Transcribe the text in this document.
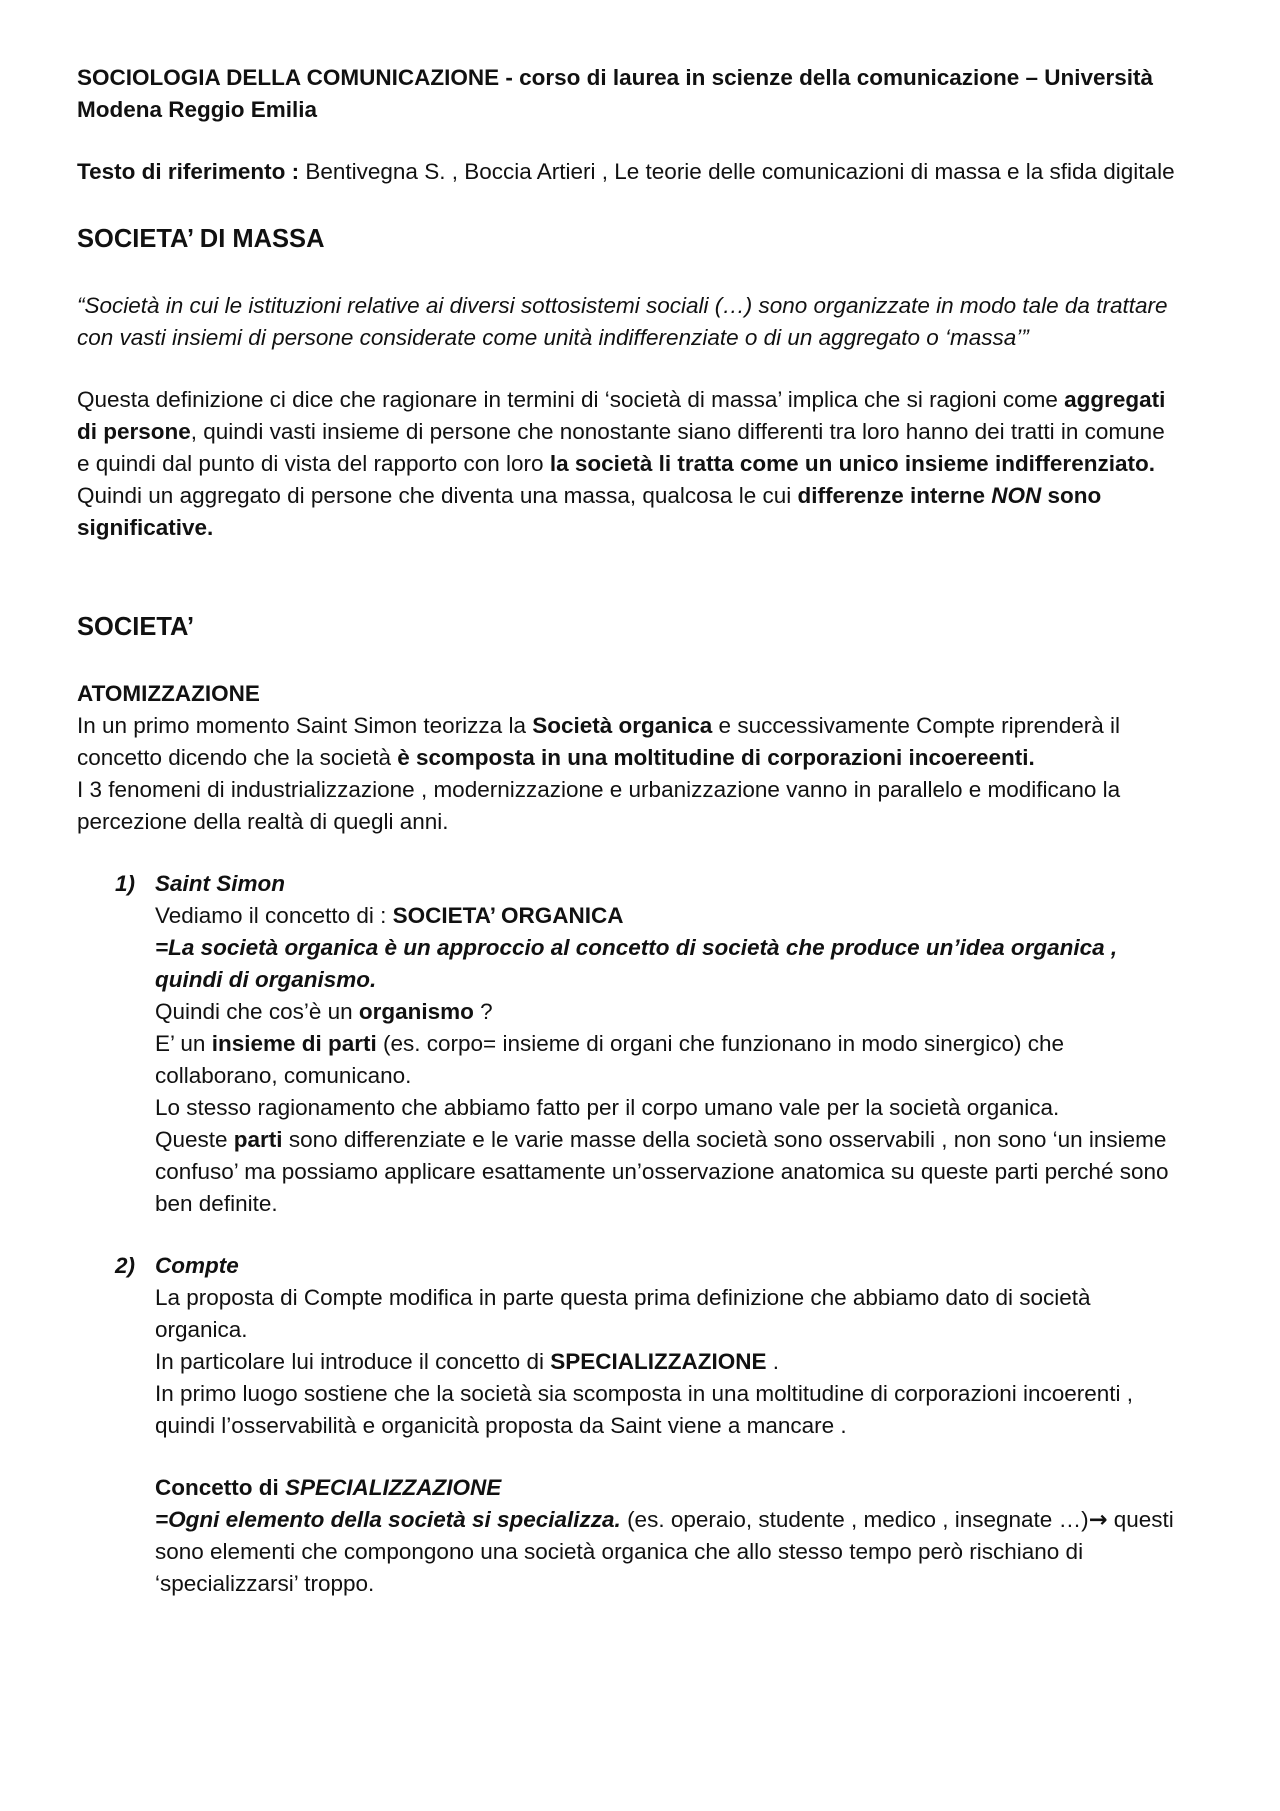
SOCIOLOGIA DELLA COMUNICAZIONE - corso di laurea in scienze della comunicazione – Università Modena Reggio Emilia

Testo di riferimento : Bentivegna S. , Boccia Artieri , Le teorie delle comunicazioni di massa e la sfida digitale

SOCIETA’ DI MASSA

“Società in cui le istituzioni relative ai diversi sottosistemi sociali (…) sono organizzate in modo tale da trattare con vasti insiemi di persone considerate come unità indifferenziate o di un aggregato o ‘massa’”

Questa definizione ci dice che ragionare in termini di ‘società di massa’ implica che si ragioni come aggregati di persone, quindi vasti insieme di persone che nonostante siano differenti tra loro hanno dei tratti in comune e quindi dal punto di vista del rapporto con loro la società li tratta come un unico insieme indifferenziato.

Quindi un aggregato di persone che diventa una massa, qualcosa le cui differenze interne NON sono significative.

SOCIETA’

ATOMIZZAZIONE

In un primo momento Saint Simon teorizza la Società organica e successivamente Compte riprenderà il concetto dicendo che la società è scomposta in una moltitudine di corporazioni incoereenti.

I 3 fenomeni di industrializzazione , modernizzazione e urbanizzazione vanno in parallelo e modificano la percezione della realtà di quegli anni.

1) Saint Simon

Vediamo il concetto di : SOCIETA’ ORGANICA

=La società organica è un approccio al concetto di società che produce un’idea organica , quindi di organismo.

Quindi che cos’è un organismo ?

E’ un insieme di parti (es. corpo= insieme di organi che funzionano in modo sinergico) che collaborano, comunicano.

Lo stesso ragionamento che abbiamo fatto per il corpo umano vale per la società organica.

Queste parti sono differenziate e le varie masse della società sono osservabili , non sono ‘un insieme confuso’ ma possiamo applicare esattamente un’osservazione anatomica su queste parti perché sono ben definite.

2) Compte

La proposta di Compte modifica in parte questa prima definizione che abbiamo dato di società organica.

In particolare lui introduce il concetto di SPECIALIZZAZIONE .

In primo luogo sostiene che la società sia scomposta in una moltitudine di corporazioni incoerenti , quindi l’osservabilità e organicità proposta da Saint viene a mancare .

Concetto di SPECIALIZZAZIONE

=Ogni elemento della società si specializza. (es. operaio, studente , medico , insegnate …)→ questi sono elementi che compongono una società organica che allo stesso tempo però rischiano di ‘specializzarsi’ troppo.
